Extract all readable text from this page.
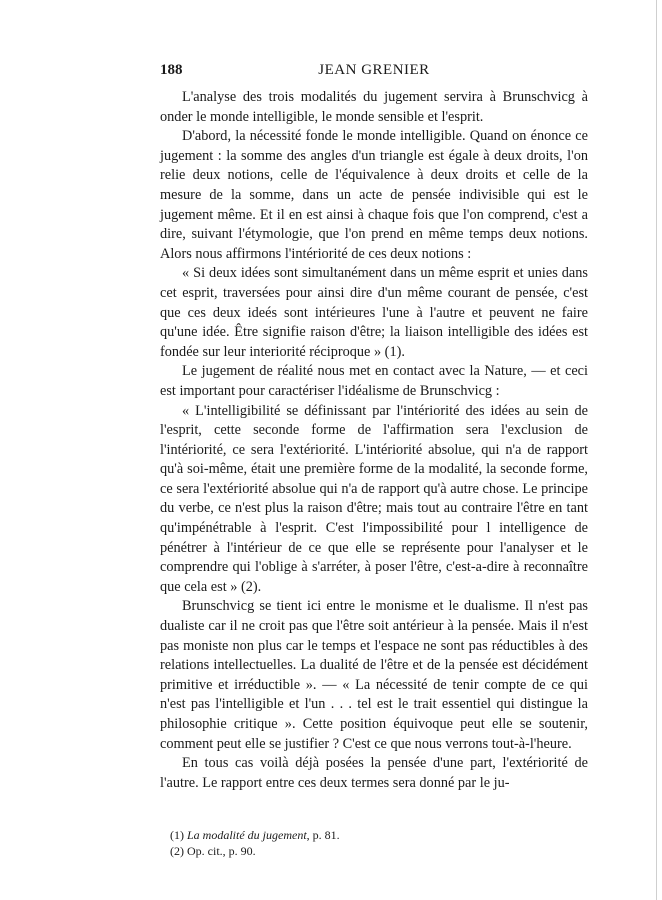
188	JEAN GRENIER

L'analyse des trois modalités du jugement servira à Brunschvicg à onder le monde intelligible, le monde sensible et l'esprit.

D'abord, la nécessité fonde le monde intelligible. Quand on énonce ce jugement : la somme des angles d'un triangle est égale à deux droits, l'on relie deux notions, celle de l'équivalence à deux droits et celle de la mesure de la somme, dans un acte de pensée indivisible qui est le jugement même. Et il en est ainsi à chaque fois que l'on comprend, c'est a dire, suivant l'étymologie, que l'on prend en même temps deux notions. Alors nous affirmons l'intériorité de ces deux notions :

« Si deux idées sont simultanément dans un même esprit et unies dans cet esprit, traversées pour ainsi dire d'un même courant de pensée, c'est que ces deux ideés sont intérieures l'une à l'autre et peuvent ne faire qu'une idée. Être signifie raison d'être; la liaison intelligible des idées est fondée sur leur interiorité réciproque » (1).

Le jugement de réalité nous met en contact avec la Nature, — et ceci est important pour caractériser l'idéalisme de Brunschvicg :

« L'intelligibilité se définissant par l'intériorité des idées au sein de l'esprit, cette seconde forme de l'affirmation sera l'exclusion de l'intériorité, ce sera l'extériorité. L'intériorité absolue, qui n'a de rapport qu'à soi-même, était une première forme de la modalité, la seconde forme, ce sera l'extériorité absolue qui n'a de rapport qu'à autre chose. Le principe du verbe, ce n'est plus la raison d'être; mais tout au contraire l'être en tant qu'impénétrable à l'esprit. C'est l'impossibilité pour l intelligence de pénétrer à l'intérieur de ce que elle se représente pour l'analyser et le comprendre qui l'oblige à s'arréter, à poser l'être, c'est-a-dire à reconnaître que cela est » (2).

Brunschvicg se tient ici entre le monisme et le dualisme. Il n'est pas dualiste car il ne croit pas que l'être soit antérieur à la pensée. Mais il n'est pas moniste non plus car le temps et l'espace ne sont pas réductibles à des relations intellectuelles. La dualité de l'être et de la pensée est décidément primitive et irréductible ». — « La nécessité de tenir compte de ce qui n'est pas l'intelligible et l'un . . . tel est le trait essentiel qui distingue la philosophie critique ». Cette position équivoque peut elle se soutenir, comment peut elle se justifier ? C'est ce que nous verrons tout-à-l'heure.

En tous cas voilà déjà posées la pensée d'une part, l'extériorité de l'autre. Le rapport entre ces deux termes sera donné par le ju-

(1) La modalité du jugement, p. 81.

(2) Op. cit., p. 90.
